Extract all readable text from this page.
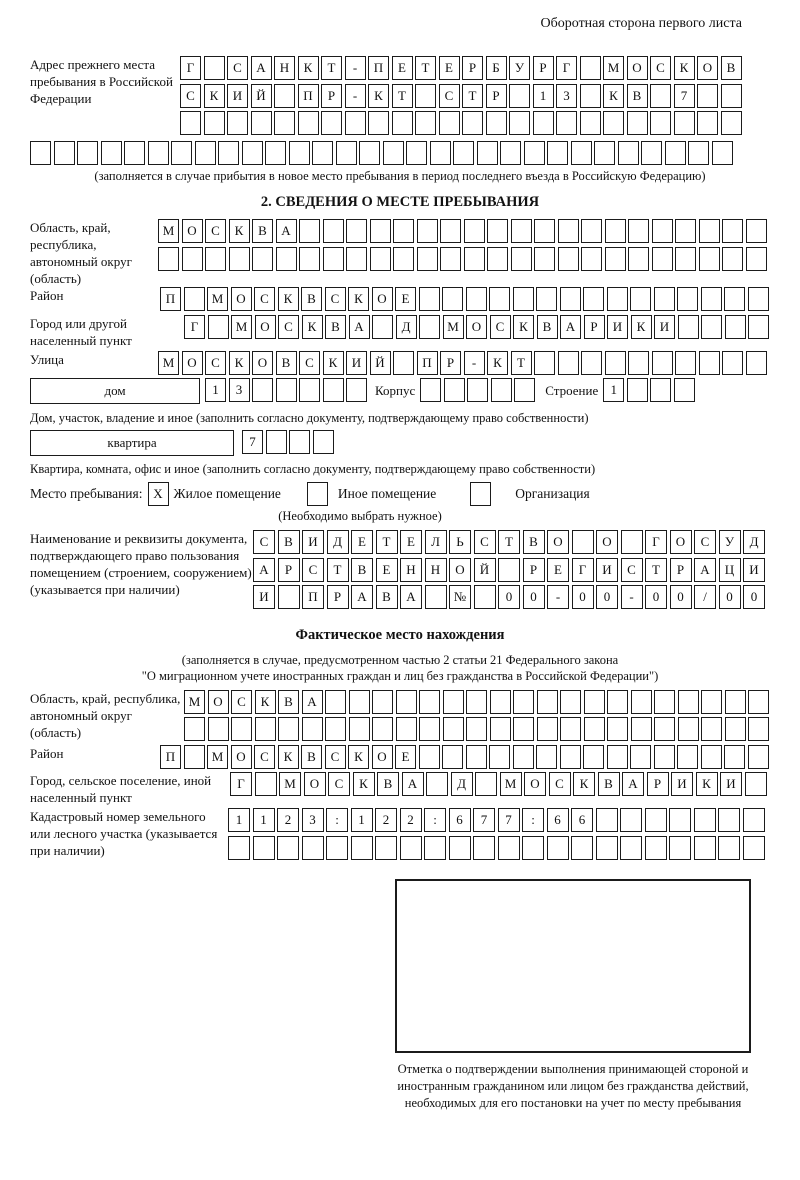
Оборотная сторона первого листа
Адрес прежнего места пребывания в Российской Федерации
Г	С	А	Н	К	Т	-	П	Е	Т	Е	Р	Б	У	Р	Г	М	О	С	К	О	В
С	К	И	Й	П	Р	-	К	Т	С	Т	Р	1	3	К	В	7
(заполняется в случае прибытия в новое место пребывания в период последнего въезда в Российскую Федерацию)
2. СВЕДЕНИЯ О МЕСТЕ ПРЕБЫВАНИЯ
Область, край, республика, автономный округ (область)
М	О	С	К	В	А
Район	П	М	О	С	К	В	С	К	О	Е
Город или другой населенный пункт
Г	М	О	С	К	В	А	Д	М	О	С	К	В	А	Р	И	К	И
Улица	М	О	С	К	О	В	С	К	И	Й	П	Р	-	К	Т
дом	1	3	Корпус	Строение 1
Дом, участок, владение и иное (заполнить согласно документу, подтверждающему право собственности)
квартира	7
Квартира, комната, офис и иное (заполнить согласно документу, подтверждающему право собственности)
Место пребывания: X Жилое помещение	Иное помещение	Организация
(Необходимо выбрать нужное)
Наименование и реквизиты документа, подтверждающего право пользования помещением (строением, сооружением) (указывается при наличии)
С	В	И	Д	Е	Т	Е	Л	Ь	С	Т	В	О	О	Г	О	С	У	Д
А	Р	С	Т	В	Е	Н	Н	О	Й	Р	Е	Г	И	С	Т	Р	А	Ц	И
И	П	Р	А	В	А	№	0	0	-	0	0	-	0	0	/	0	0
Фактическое место нахождения
(заполняется в случае, предусмотренном частью 2 статьи 21 Федерального закона
"О миграционном учете иностранных граждан и лиц без гражданства в Российской Федерации")
Область, край, республика, автономный округ (область)
М	О	С	К	В	А
Район	П	М	О	С	К	В	С	К	О	Е
Город, сельское поселение, иной населенный пункт
Г	М	О	С	К	В	А	Д	М	О	С	К	В	А	Р	И	К	И
Кадастровый номер земельного или лесного участка (указывается при наличии)
1	1	2	3	:	1	2	2	:	6	7	7	:	6	6
Отметка о подтверждении выполнения принимающей стороной и иностранным гражданином или лицом без гражданства действий, необходимых для его постановки на учет по месту пребывания
